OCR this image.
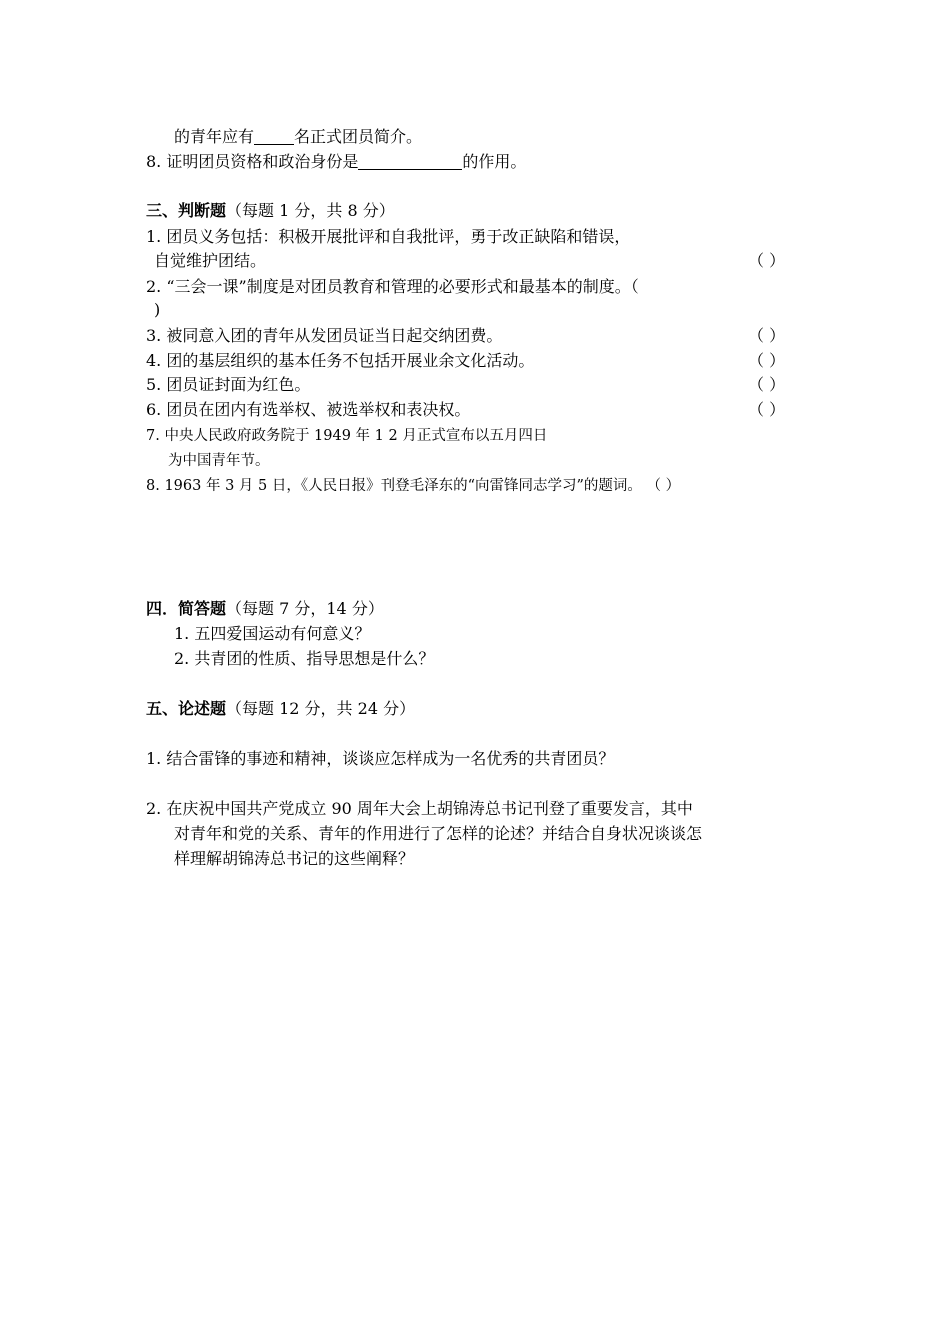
的青年应有	名正式团员简介。
8. 证明团员资格和政治身份是	的作用。
三、判断题（每题 1 分，共 8 分）
1. 团员义务包括：积极开展批评和自我批评，勇于改正缺陷和错误，
自觉维护团结。	（ ）
2. “三会一课”制度是对团员教育和管理的必要形式和最基本的制度。（
)
3. 被同意入团的青年从发团员证当日起交纳团费。	（ ）
4. 团的基层组织的基本任务不包括开展业余文化活动。	（ ）
5. 团员证封面为红色。	（ ）
6. 团员在团内有选举权、被选举权和表决权。	（ ）
7. 中央人民政府政务院于 1949 年 1 2 月正式宣布以五月四日
为中国青年节。
8. 1963 年 3 月 5 日，《人民日报》刊登毛泽东的“向雷锋同志学习”的题词。 （ ）
四．简答题（每题 7 分，14 分）
1. 五四爱国运动有何意义？
2. 共青团的性质、指导思想是什么？
五、论述题（每题 12 分，共 24 分）
1. 结合雷锋的事迹和精神，谈谈应怎样成为一名优秀的共青团员？
2. 在庆祝中国共产党成立 90 周年大会上胡锦涛总书记刊登了重要发言，其中
对青年和党的关系、青年的作用进行了怎样的论述？并结合自身状况谈谈怎
样理解胡锦涛总书记的这些阐释？
